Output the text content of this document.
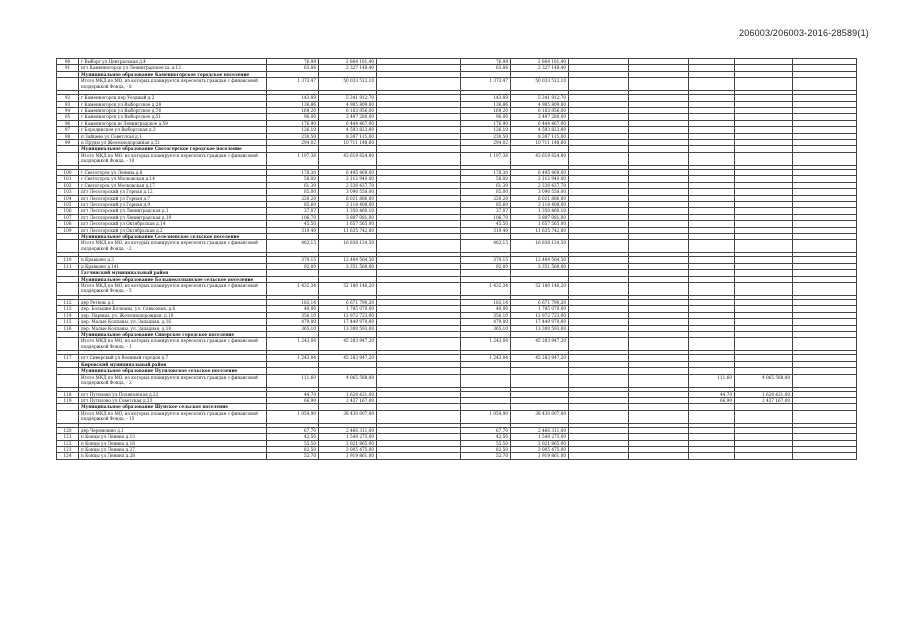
206003/206003-2016-28589(1)
90	г Выборг ул Центральная д.4	76,98	2 804 101,40		76,98	2 804 101,40					
91	пгт Каменногорск ул Ленинградское ш. д.13	63,88	2 327 148,40		63,88	2 327 148,40					
	Муниципальное образование Каменногорское городское поселение										
	Итого МКД по МО, из которых планируется переселять граждан с финансовой поддержкой Фонда, - 8	1 373,47	50 033 512,10		1 373,47	50 033 512,10					

92	г Каменногорск пер Уездный д.2	143,89	5 241 912,70		143,89	5 241 912,70					
93	г Каменногорск ул Выборгское д.28	136,86	4 985 809,80		136,86	4 985 809,80					
94	г Каменногорск ул Выборгское д.76	169,20	6 163 956,00		169,20	6 163 956,00					
95	г Каменногорск ул Выборгское д.51	96,00	3 497 280,00		96,00	3 497 280,00					
96	г Каменногорск ш Ленинградское д.59	176,90	6 444 467,00		176,90	6 444 467,00					
97	г Бородинское ул Выборгская д.3	126,10	4 593 823,00		126,10	4 593 823,00					
98	п Зайцево ул Советская д.1	230,50	8 397 115,00		230,50	8 397 115,00					
99	п Пруды ул Железнодорожная д.51	294,02	10 711 148,60		294,02	10 711 148,60					
	Муниципальное образование Светогорское городское поселение										
	Итого МКД по МО, из которых планируется переселять граждан с финансовой поддержкой Фонда, - 10	1 197,36	43 619 824,80		1 197,36	43 619 824,80					

100	г Светогорск ул Ленина д.8	178,30	6 495 469,00		178,30	6 495 469,00					
101	г Светогорск ул Московская д.14	58,00	2 112 940,00		58,00	2 112 940,00					
102	г Светогорск ул Московская д.17	61,39	2 236 437,70		61,39	2 236 437,70					
103	пгт Лесогорский ул Горная д.12	85,00	3 096 550,00		85,00	3 096 550,00					
104	пгт Лесогорский ул Горная д.7	220,20	8 021 886,00		220,20	8 021 886,00					
105	пгт Лесогорский ул Горная д.9	85,60	3 118 408,00		85,60	3 118 408,00					
106	пгт Лесогорский ул Ленинградская д.1	37,07	1 350 460,10		37,07	1 350 460,10					
107	пгт Лесогорский ул Ленинградская д.19	106,70	3 887 081,00		106,70	3 887 081,00					
108	пгт Лесогорский ул Октябрьская д.14	45,50	1 657 565,00		45,50	1 657 565,00					
109	пгт Лесогорский ул Октябрьская д.2	319,40	11 635 742,00		319,40	11 635 742,00					
	Муниципальное образование Селезневское сельское поселение										
	Итого МКД по МО, из которых планируется переселять граждан с финансовой поддержкой Фонда, - 2	462,15	16 836 124,50		462,15	16 836 124,50					

110	п Кравцово д.3	370,15	13 484 564,50		370,15	13 484 564,50					
111	п Кравцово д.141	92,00	3 351 560,00		92,00	3 351 560,00					
	Гатчинский муниципальный район										
	Муниципальное образование Большеколпанское сельское поселение										
	Итого МКД по МО, из которых планируется переселять граждан с финансовой поддержкой Фонда, - 5	1 432,34	52 180 146,20		1 432,34	52 180 146,20					

112	дер Ретюнь д.1	183,14	6 671 790,20		183,14	6 671 790,20					
113	дер. Большие Колпаны, ул. Совхозная, д.6	49,00	1 785 070,00		49,00	1 785 070,00					
114	дер. Парицы, ул. Железнодорожная, д.10	356,10	12 972 723,00		356,10	12 972 723,00					
115	дер. Малые Колпаны, ул. Западная, д.16	479,00	17 449 970,00		479,00	17 449 970,00					
116	дер. Малые Колпаны, ул. Западная, д.18	365,10	13 300 593,00		365,10	13 300 593,00					
	Муниципальное образование Сиверское городское поселение										
	Итого МКД по МО, из которых планируется переселять граждан с финансовой поддержкой Фонда, - 1	1 243,04	45 283 947,20		1 243,04	45 283 947,20					

117	пгт Сиверский ул Военный городок д.7	1 243,04	45 283 947,20		1 243,04	45 283 947,20					
	Кировский муниципальный район										
	Муниципальное образование Путиловское сельское поселение										
	Итого МКД по МО, из которых планируется переселять граждан с финансовой поддержкой Фонда, - 2	111,60	4 065 588,00						111,60	4 065 588,00	

118	пгт Путилово ул Поляковская д.22	44,70	1 628 421,00						44,70	1 628 421,00	
119	пгт Путилово ул Советская д.23	66,90	2 437 167,00						66,90	2 437 167,00	
	Муниципальное образование Шумское сельское поселение										
	Итого МКД по МО, из которых планируется переселять граждан с финансовой поддержкой Фонда, - 13	1 054,90	38 430 007,00		1 054,90	38 430 007,00					

120	дер Черемошно д.1	67,70	2 466 311,00		67,70	2 466 311,00					
121	п Концы ул Ленина д.13	42,50	1 548 275,00		42,50	1 548 275,00					
122	п Концы ул Ленина д.18	55,50	2 021 865,00		55,50	2 021 865,00					
123	п Концы ул Ленина д.27	82,50	3 005 475,00		82,50	3 005 475,00					
124	п Концы ул Ленина д.28	52,70	1 919 861,00		52,70	1 919 861,00					
